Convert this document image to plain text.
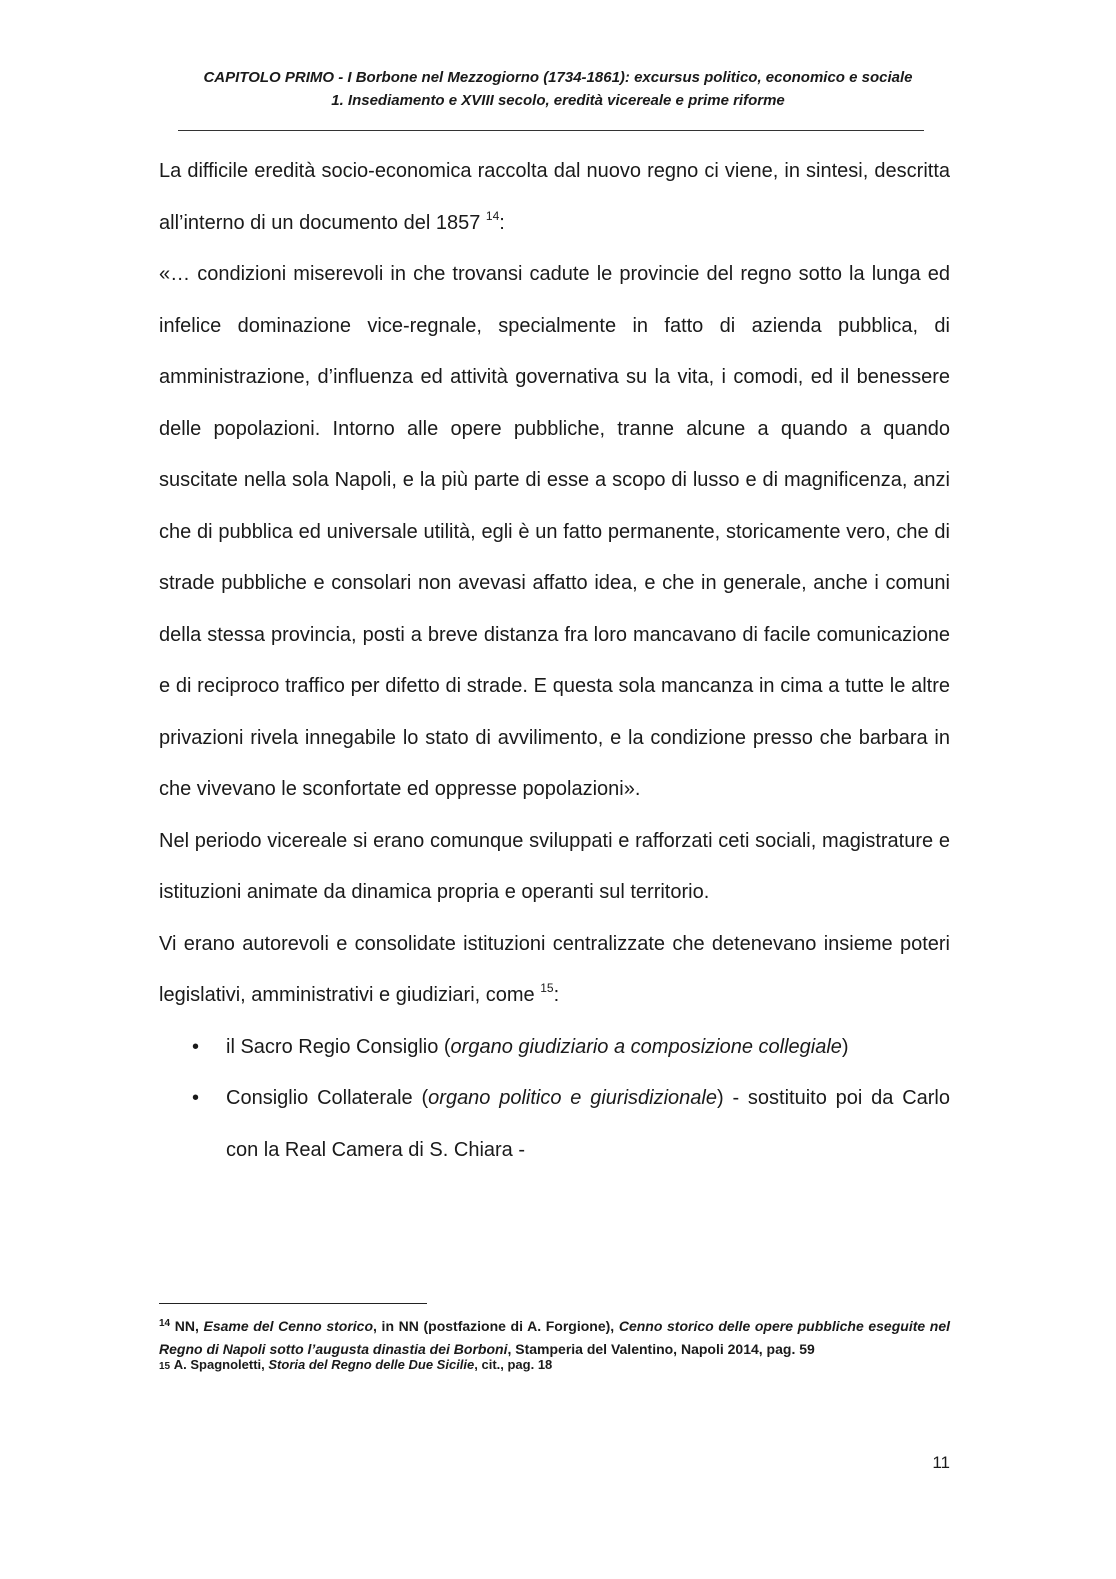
CAPITOLO PRIMO - I Borbone nel Mezzogiorno (1734-1861): excursus politico, economico e sociale
1. Insediamento e XVIII secolo, eredità vicereale e prime riforme

La difficile eredità socio-economica raccolta dal nuovo regno ci viene, in sintesi, descritta all’interno di un documento del 1857 $^{14}$:

«… condizioni miserevoli in che trovansi cadute le provincie del regno sotto la lunga ed infelice dominazione vice-regnale, specialmente in fatto di azienda pubblica, di amministrazione, d’influenza ed attività governativa su la vita, i comodi, ed il benessere delle popolazioni. Intorno alle opere pubbliche, tranne alcune a quando a quando suscitate nella sola Napoli, e la più parte di esse a scopo di lusso e di magnificenza, anzi che di pubblica ed universale utilità, egli è un fatto permanente, storicamente vero, che di strade pubbliche e consolari non avevasi affatto idea, e che in generale, anche i comuni della stessa provincia, posti a breve distanza fra loro mancavano di facile comunicazione e di reciproco traffico per difetto di strade. E questa sola mancanza in cima a tutte le altre privazioni rivela innegabile lo stato di avvilimento, e la condizione presso che barbara in che vivevano le sconfortate ed oppresse popolazioni».

Nel periodo vicereale si erano comunque sviluppati e rafforzati ceti sociali, magistrature e istituzioni animate da dinamica propria e operanti sul territorio.

Vi erano autorevoli e consolidate istituzioni centralizzate che detenevano insieme poteri legislativi, amministrativi e giudiziari, come $^{15}$:

• il Sacro Regio Consiglio (organo giudiziario a composizione collegiale)
• Consiglio Collaterale (organo politico e giurisdizionale) - sostituito poi da Carlo con la Real Camera di S. Chiara -
$^{14}$ NN, Esame del Cenno storico, in NN (postfazione di A. Forgione), Cenno storico delle opere pubbliche eseguite nel Regno di Napoli sotto l’augusta dinastia dei Borboni, Stamperia del Valentino, Napoli 2014, pag. 59
15 A. Spagnoletti, Storia del Regno delle Due Sicilie, cit., pag. 18
11
